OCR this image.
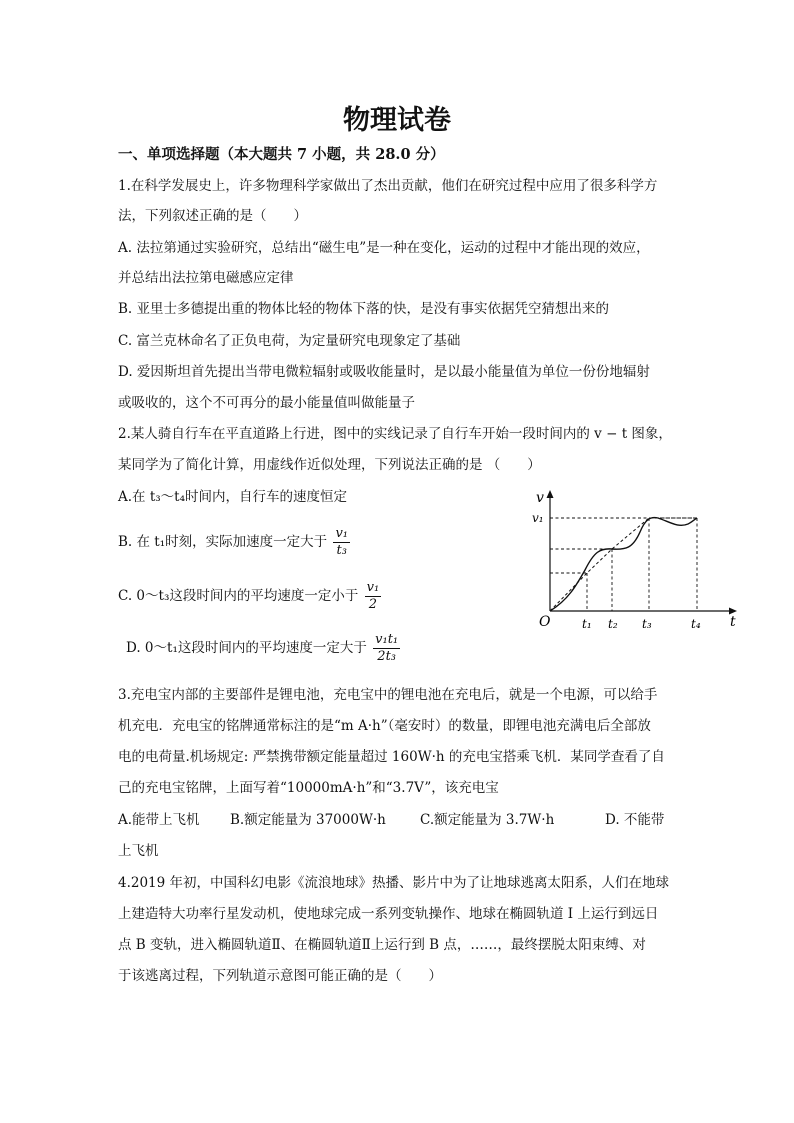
物理试卷
一、单项选择题（本大题共 7 小题，共 28.0 分）
1.在科学发展史上，许多物理科学家做出了杰出贡献，他们在研究过程中应用了很多科学方
法，下列叙述正确的是（　　）
A. 法拉第通过实验研究，总结出“磁生电”是一种在变化，运动的过程中才能出现的效应，
并总结出法拉第电磁感应定律
B. 亚里士多德提出重的物体比轻的物体下落的快，是没有事实依据凭空猜想出来的
C. 富兰克林命名了正负电荷，为定量研究电现象定了基础
D. 爱因斯坦首先提出当带电微粒辐射或吸收能量时，是以最小能量值为单位一份份地辐射
或吸收的，这个不可再分的最小能量值叫做能量子
2.某人骑自行车在平直道路上行进，图中的实线记录了自行车开始一段时间内的 v − t 图象，
某同学为了简化计算，用虚线作近似处理，下列说法正确的是 （　　）
A.在 t₃～t₄时间内，自行车的速度恒定
B. 在 t₁时刻，实际加速度一定大于 $\frac{\text{v₁}}{\text{t₃}}$
C. 0～t₃这段时间内的平均速度一定小于 $\frac{\text{v₁}}{2}$
D. 0～t₁这段时间内的平均速度一定大于 $\frac{\text{v₁t₁}}{\text{2t₃}}$
v
v₁
O	t
t₁ t₂ t₃	t₄
3.充电宝内部的主要部件是锂电池，充电宝中的锂电池在充电后，就是一个电源，可以给手
机充电．充电宝的铭牌通常标注的是“m A·h”（毫安时）的数量，即锂电池充满电后全部放
电的电荷量.机场规定: 严禁携带额定能量超过 160W·h 的充电宝搭乘飞机．某同学查看了自
己的充电宝铭牌，上面写着“10000mA·h”和“3.7V”，该充电宝
A.能带上飞机 B.额定能量为 37000W·h	C.额定能量为 3.7W·h	D. 不能带
上飞机
4.2019 年初，中国科幻电影《流浪地球》热播、影片中为了让地球逃离太阳系，人们在地球
上建造特大功率行星发动机，使地球完成一系列变轨操作、地球在椭圆轨道 Ⅰ 上运行到远日
点 B 变轨，进入椭圆轨道Ⅱ、在椭圆轨道Ⅱ上运行到 B 点，……，最终摆脱太阳束缚、对
于该逃离过程，下列轨道示意图可能正确的是（　　）
